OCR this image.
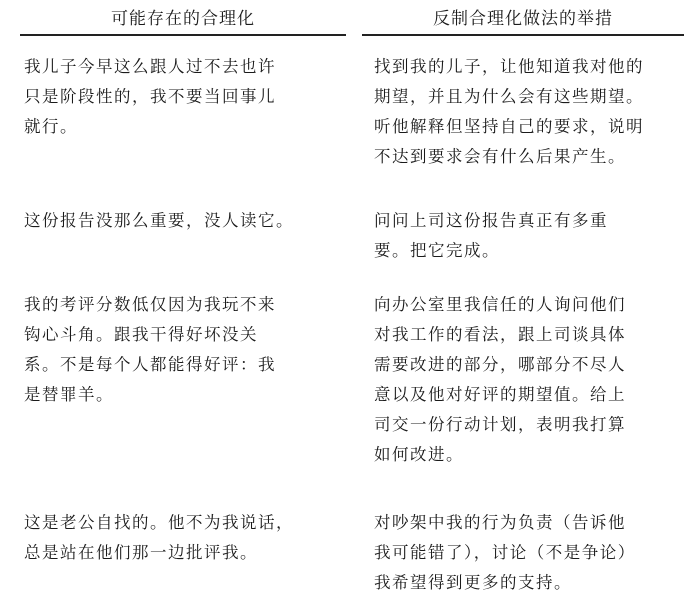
可能存在的合理化	反制合理化做法的举措
我儿子今早这么跟人过不去也许
只是阶段性的，我不要当回事儿
就行。
找到我的儿子，让他知道我对他的
期望，并且为什么会有这些期望。
听他解释但坚持自己的要求，说明
不达到要求会有什么后果产生。
这份报告没那么重要，没人读它。	问问上司这份报告真正有多重
要。把它完成。
我的考评分数低仅因为我玩不来
钩心斗角。跟我干得好坏没关
系。不是每个人都能得好评：我
是替罪羊。
向办公室里我信任的人询问他们
对我工作的看法，跟上司谈具体
需要改进的部分，哪部分不尽人
意以及他对好评的期望值。给上
司交一份行动计划，表明我打算
如何改进。
这是老公自找的。他不为我说话，
总是站在他们那一边批评我。
对吵架中我的行为负责（告诉他
我可能错了），讨论（不是争论）
我希望得到更多的支持。
